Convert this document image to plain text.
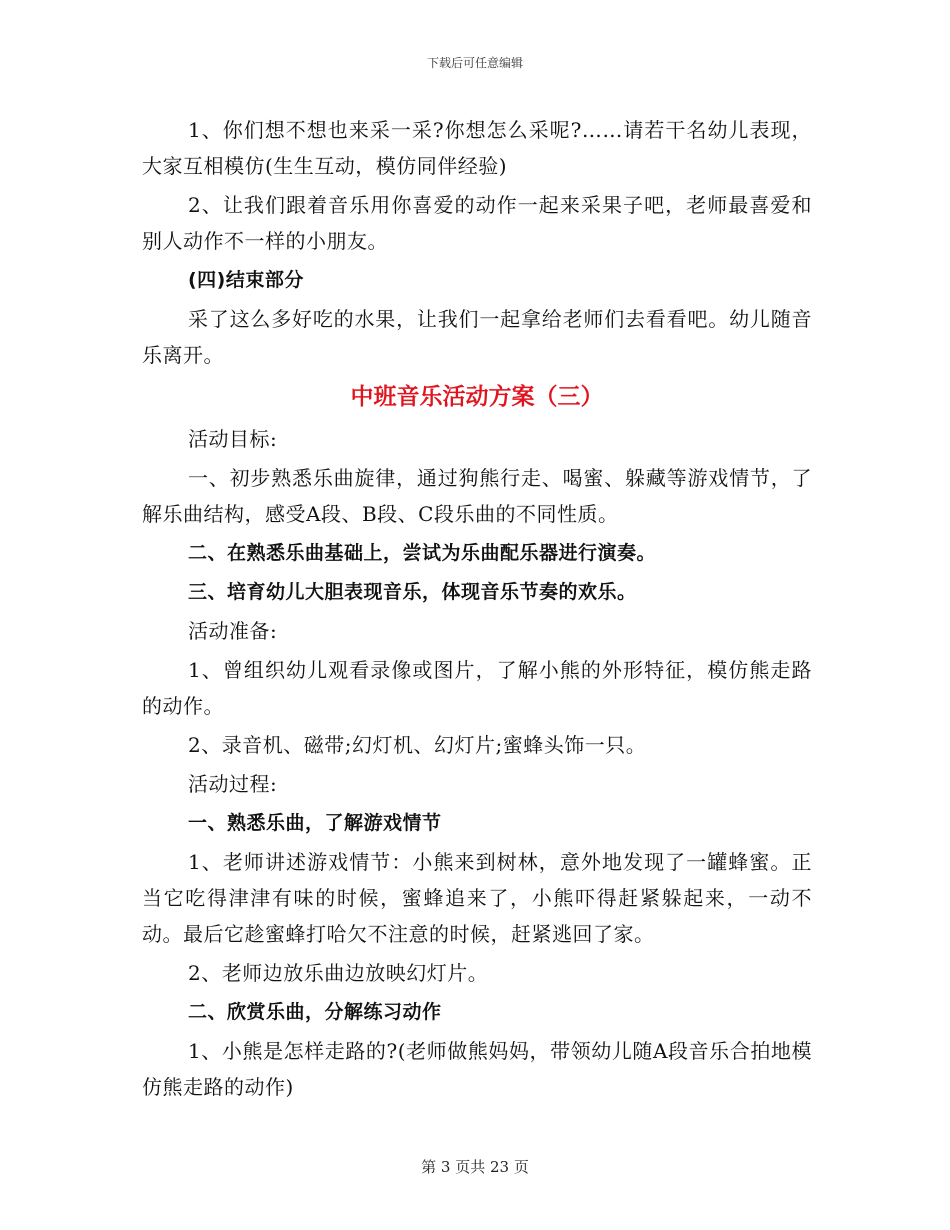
下载后可任意编辑

1、你们想不想也来采一采?你想怎么采呢?……请若干名幼儿表现，大家互相模仿(生生互动，模仿同伴经验)

2、让我们跟着音乐用你喜爱的动作一起来采果子吧，老师最喜爱和别人动作不一样的小朋友。

(四)结束部分

采了这么多好吃的水果，让我们一起拿给老师们去看看吧。幼儿随音乐离开。

中班音乐活动方案（三）

活动目标:

一、初步熟悉乐曲旋律，通过狗熊行走、喝蜜、躲藏等游戏情节，了解乐曲结构，感受A段、B段、C段乐曲的不同性质。

二、在熟悉乐曲基础上，尝试为乐曲配乐器进行演奏。

三、培育幼儿大胆表现音乐，体现音乐节奏的欢乐。

活动准备:

1、曾组织幼儿观看录像或图片，了解小熊的外形特征，模仿熊走路的动作。

2、录音机、磁带;幻灯机、幻灯片;蜜蜂头饰一只。

活动过程:

一、熟悉乐曲，了解游戏情节

1、老师讲述游戏情节：小熊来到树林，意外地发现了一罐蜂蜜。正当它吃得津津有味的时候，蜜蜂追来了，小熊吓得赶紧躲起来，一动不动。最后它趁蜜蜂打哈欠不注意的时候，赶紧逃回了家。

2、老师边放乐曲边放映幻灯片。

二、欣赏乐曲，分解练习动作

1、小熊是怎样走路的?(老师做熊妈妈，带领幼儿随A段音乐合拍地模仿熊走路的动作)

第 3 页共 23 页
